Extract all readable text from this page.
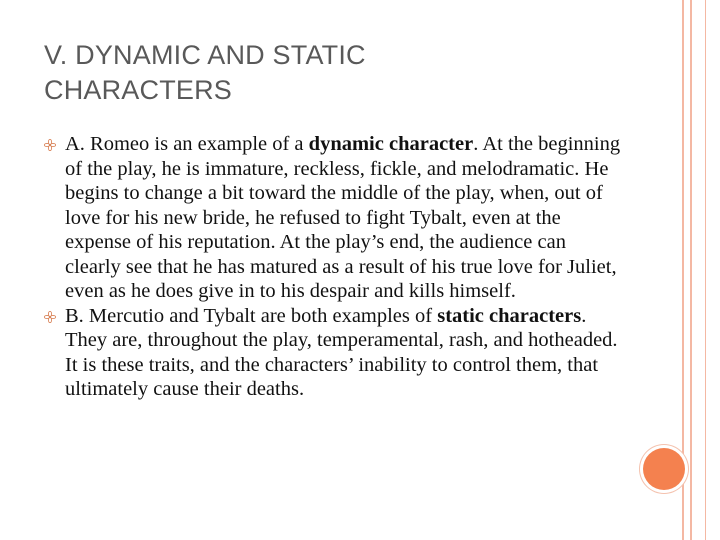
V. DYNAMIC AND STATIC
CHARACTERS
A. Romeo is an example of a dynamic character. At the beginning of the play, he is immature, reckless, fickle, and melodramatic. He begins to change a bit toward the middle of the play, when, out of love for his new bride, he refused to fight Tybalt, even at the expense of his reputation. At the play’s end, the audience can clearly see that he has matured as a result of his true love for Juliet, even as he does give in to his despair and kills himself.
B. Mercutio and Tybalt are both examples of static characters. They are, throughout the play, temperamental, rash, and hotheaded. It is these traits, and the characters’ inability to control them, that ultimately cause their deaths.
